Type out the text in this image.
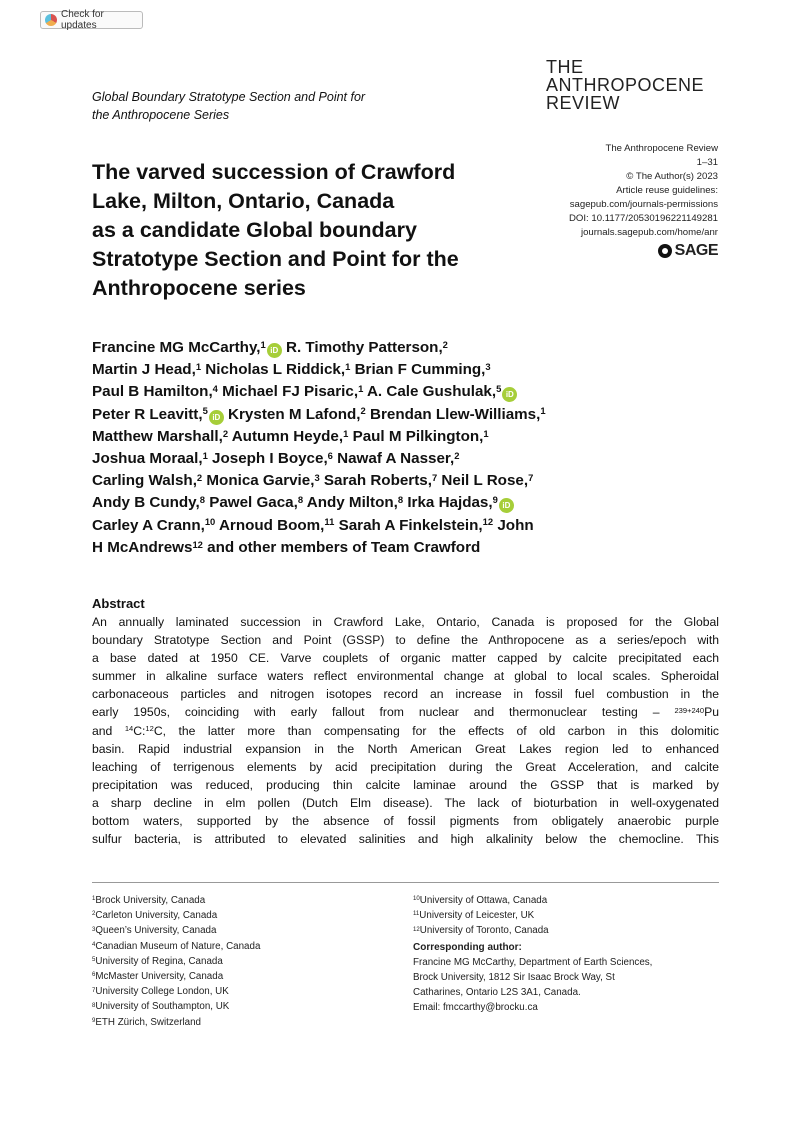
Check for updates
Global Boundary Stratotype Section and Point for
the Anthropocene Series
THE
ANTHROPOCENE
REVIEW
The Anthropocene Review
1–31
© The Author(s) 2023
Article reuse guidelines:
sagepub.com/journals-permissions
DOI: 10.1177/20530196221149281
journals.sagepub.com/home/anr
SAGE
The varved succession of Crawford
Lake, Milton, Ontario, Canada
as a candidate Global boundary
Stratotype Section and Point for the
Anthropocene series
Francine MG McCarthy,$^1$iD R. Timothy Patterson,$^2$
Martin J Head,$^1$ Nicholas L Riddick,$^1$ Brian F Cumming,$^3$
Paul B Hamilton,$^4$ Michael FJ Pisaric,$^1$ A. Cale Gushulak,$^5$iD
Peter R Leavitt,$^5$iD Krysten M Lafond,$^2$ Brendan Llew-Williams,$^1$
Matthew Marshall,$^2$ Autumn Heyde,$^1$ Paul M Pilkington,$^1$
Joshua Moraal,$^1$ Joseph I Boyce,$^6$ Nawaf A Nasser,$^2$
Carling Walsh,$^2$ Monica Garvie,$^3$ Sarah Roberts,$^7$ Neil L Rose,$^7$
Andy B Cundy,$^8$ Pawel Gaca,$^8$ Andy Milton,$^8$ Irka Hajdas,$^9$iD
Carley A Crann,$^{10}$ Arnoud Boom,$^{11}$ Sarah A Finkelstein,$^{12}$ John
H McAndrews$^{12}$ and other members of Team Crawford
Abstract
An annually laminated succession in Crawford Lake, Ontario, Canada is proposed for the Global
boundary Stratotype Section and Point (GSSP) to define the Anthropocene as a series/epoch with
a base dated at 1950 CE. Varve couplets of organic matter capped by calcite precipitated each
summer in alkaline surface waters reflect environmental change at global to local scales. Spheroidal
carbonaceous particles and nitrogen isotopes record an increase in fossil fuel combustion in the
early 1950s, coinciding with early fallout from nuclear and thermonuclear testing – $^{239+240}$Pu
and $^{14}$C:$^{12}$C, the latter more than compensating for the effects of old carbon in this dolomitic
basin. Rapid industrial expansion in the North American Great Lakes region led to enhanced
leaching of terrigenous elements by acid precipitation during the Great Acceleration, and calcite
precipitation was reduced, producing thin calcite laminae around the GSSP that is marked by
a sharp decline in elm pollen (Dutch Elm disease). The lack of bioturbation in well-oxygenated
bottom waters, supported by the absence of fossil pigments from obligately anaerobic purple
sulfur bacteria, is attributed to elevated salinities and high alkalinity below the chemocline. This
$^1$Brock University, Canada
$^2$Carleton University, Canada
$^3$Queen’s University, Canada
$^4$Canadian Museum of Nature, Canada
$^5$University of Regina, Canada
$^6$McMaster University, Canada
$^7$University College London, UK
$^8$University of Southampton, UK
$^9$ETH Zürich, Switzerland
$^{10}$University of Ottawa, Canada
$^{11}$University of Leicester, UK
$^{12}$University of Toronto, Canada
Corresponding author:
Francine MG McCarthy, Department of Earth Sciences,
Brock University, 1812 Sir Isaac Brock Way, St
Catharines, Ontario L2S 3A1, Canada.
Email: fmccarthy@brocku.ca
